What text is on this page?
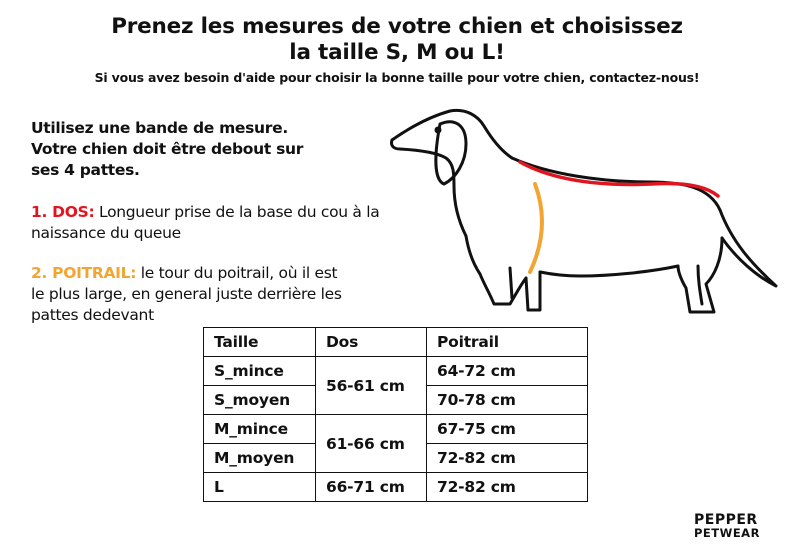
Prenez les mesures de votre chien et choisissez
la taille S, M ou L!
Si vous avez besoin d'aide pour choisir la bonne taille pour votre chien, contactez-nous!
Utilisez une bande de mesure.
Votre chien doit être debout sur
ses 4 pattes.
1. DOS: Longueur prise de la base du cou à la
naissance du queue
2. POITRAIL: le tour du poitrail, où il est
le plus large, en general juste derrière les
pattes dedevant
Taille	Dos	Poitrail
S_mince	56-61 cm	64-72 cm
S_moyen		70-78 cm
M_mince	61-66 cm	67-75 cm
M_moyen		72-82 cm
L	66-71 cm	72-82 cm
PEPPER
PETWEAR
